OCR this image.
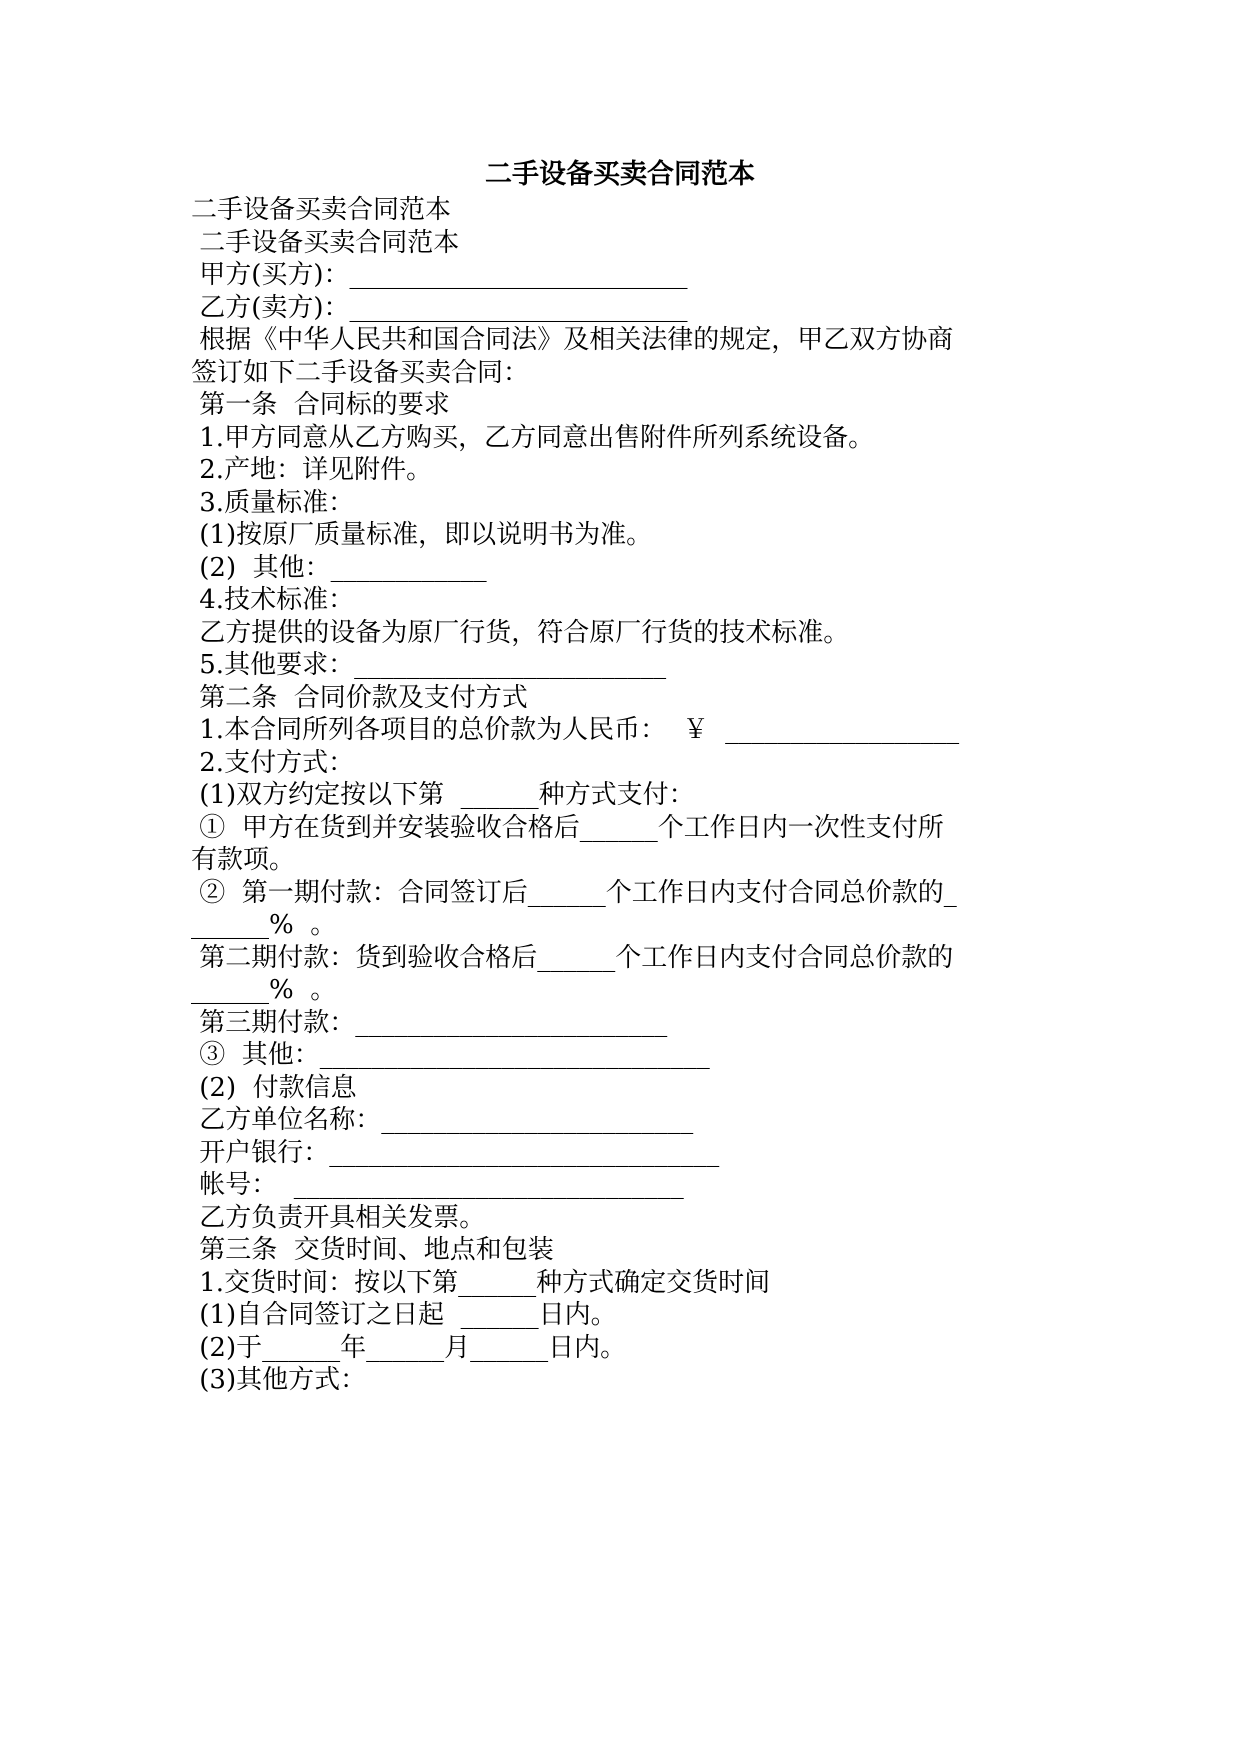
二手设备买卖合同范本
二手设备买卖合同范本
二手设备买卖合同范本
甲方(买方)：__________________________
乙方(卖方)：__________________________
根据《中华人民共和国合同法》及相关法律的规定，甲乙双方协商
签订如下二手设备买卖合同：
第一条  合同标的要求
1.甲方同意从乙方购买，乙方同意出售附件所列系统设备。
2.产地：详见附件。
3.质量标准：
(1)按原厂质量标准，即以说明书为准。
(2)  其他：____________
4.技术标准：
乙方提供的设备为原厂行货，符合原厂行货的技术标准。
5.其他要求：________________________
第二条  合同价款及支付方式
1.本合同所列各项目的总价款为人民币：  ￥  __________________
2.支付方式：
(1)双方约定按以下第  ______种方式支付：
①  甲方在货到并安装验收合格后______个工作日内一次性支付所
有款项。
②  第一期付款：合同签订后______个工作日内支付合同总价款的_
______%  。
第二期付款：货到验收合格后______个工作日内支付合同总价款的
______%  。
第三期付款：________________________
③  其他：______________________________
(2)  付款信息
乙方单位名称：________________________
开户银行：______________________________
帐号：  ______________________________
乙方负责开具相关发票。
第三条  交货时间、地点和包装
1.交货时间：按以下第______种方式确定交货时间
(1)自合同签订之日起  ______日内。
(2)于______年______月______日内。
(3)其他方式：
